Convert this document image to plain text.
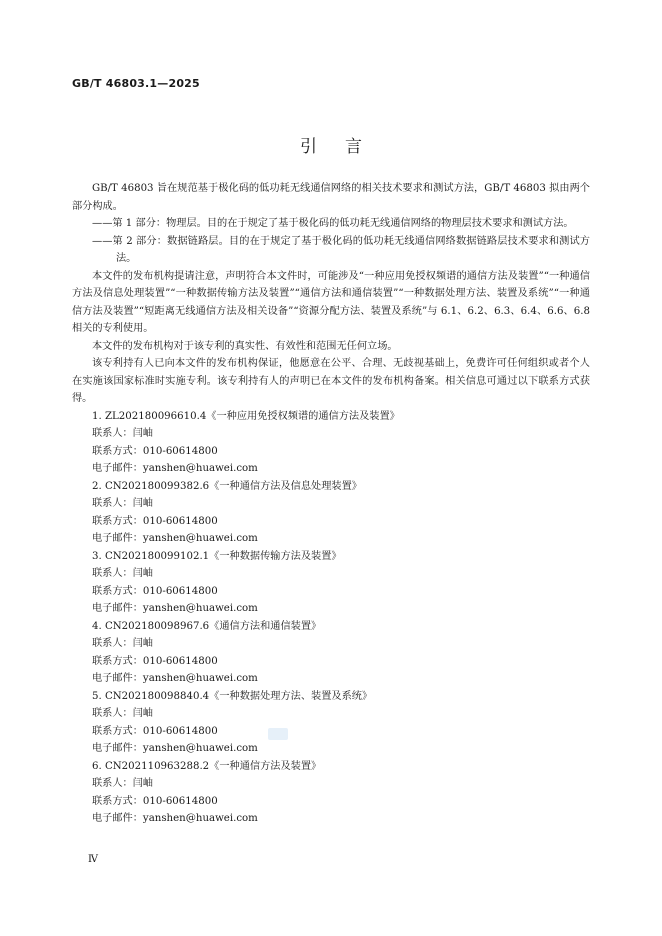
GB/T 46803.1—2025
引言

GB/T 46803 旨在规范基于极化码的低功耗无线通信网络的相关技术要求和测试方法，GB/T 46803 拟由两个部分构成。

——第 1 部分：物理层。目的在于规定了基于极化码的低功耗无线通信网络的物理层技术要求和测试方法。

——第 2 部分：数据链路层。目的在于规定了基于极化码的低功耗无线通信网络数据链路层技术要求和测试方法。

本文件的发布机构提请注意，声明符合本文件时，可能涉及“一种应用免授权频谱的通信方法及装置”“一种通信方法及信息处理装置”“一种数据传输方法及装置”“通信方法和通信装置”“一种数据处理方法、装置及系统”“一种通信方法及装置”“短距离无线通信方法及相关设备”“资源分配方法、装置及系统”与 6.1、6.2、6.3、6.4、6.6、6.8 相关的专利使用。

本文件的发布机构对于该专利的真实性、有效性和范围无任何立场。

该专利持有人已向本文件的发布机构保证，他愿意在公平、合理、无歧视基础上，免费许可任何组织或者个人在实施该国家标准时实施专利。该专利持有人的声明已在本文件的发布机构备案。相关信息可通过以下联系方式获得。

1. ZL202180096610.4《一种应用免授权频谱的通信方法及装置》

联系人：闫岫

联系方式：010-60614800

电子邮件：yanshen@huawei.com

2. CN202180099382.6《一种通信方法及信息处理装置》

联系人：闫岫

联系方式：010-60614800

电子邮件：yanshen@huawei.com

3. CN202180099102.1《一种数据传输方法及装置》

联系人：闫岫

联系方式：010-60614800

电子邮件：yanshen@huawei.com

4. CN202180098967.6《通信方法和通信装置》

联系人：闫岫

联系方式：010-60614800

电子邮件：yanshen@huawei.com

5. CN202180098840.4《一种数据处理方法、装置及系统》

联系人：闫岫

联系方式：010-60614800

电子邮件：yanshen@huawei.com

6. CN202110963288.2《一种通信方法及装置》

联系人：闫岫

联系方式：010-60614800

电子邮件：yanshen@huawei.com

Ⅳ
